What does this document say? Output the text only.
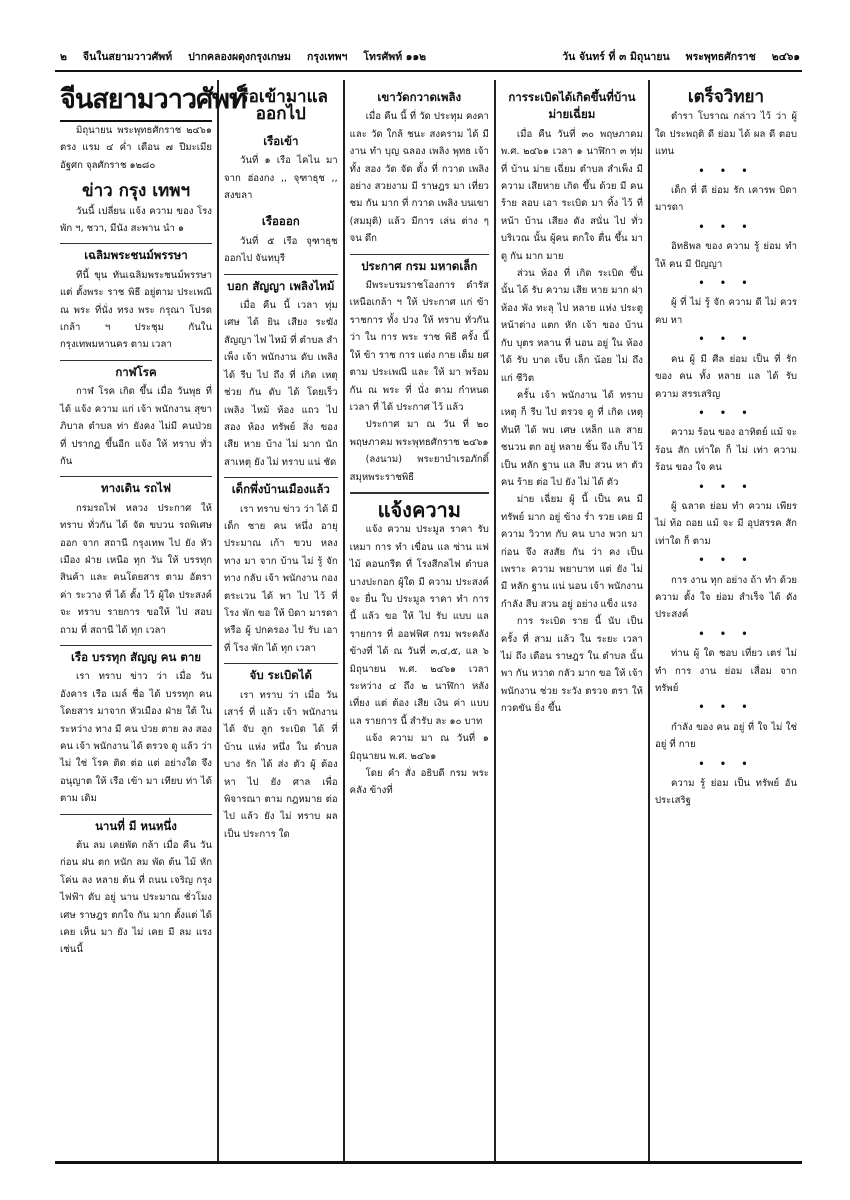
๒ จีนในสยามวาวศัพท์ ปากคลองผดุงกรุงเกษม กรุงเทพฯ โทรศัพท์ ๑๑๒	วัน จันทร์ ที่ ๓ มิถุนายน พระพุทธศักราช ๒๔๖๑
จีนสยามวาวศัพท์
มิถุนายน พระพุทธศักราช ๒๔๖๑ ตรง แรม ๔ ค่ำ เดือน ๗ ปีมะเมีย อัฐศก จุลศักราช ๑๒๘๐
ข่าว กรุง เทพฯ
วันนี้ เปลี่ยน แจ้ง ความ ของ โรงพัก ฯ, ชวา, มีนัง สะพาน นำ ๑
เฉลิมพระชนม์พรรษา
ทีนี้ ขุน ทันเฉลิมพระชนม์พรรษา แต่ ตั้งพระ ราช พิธี อยู่ตาม ประเพณี ณ พระ ที่นั่ง ทรง พระ กรุณา โปรด เกล้า ฯ ประชุม กันใน กรุงเทพมหานคร ตาม เวลา
กาฬโรค
กาฬ โรค เกิด ขึ้น เมื่อ วันพุธ ที่ ได้ แจ้ง ความ แก่ เจ้า พนักงาน สุขา ภิบาล ตำบล ท่า ยังคง ไม่มี คนป่วย ที่ ปรากฏ ขึ้นอีก แจ้ง ให้ ทราบ ทั่ว กัน
ทางเดิน รถไฟ
กรมรถไฟ หลวง ประกาศ ให้ทราบ ทั่วกัน ได้ จัด ขบวน รถพิเศษ ออก จาก สถานี กรุงเทพ ไป ยัง หัวเมือง ฝ่าย เหนือ ทุก วัน ให้ บรรทุก สินค้า และ คนโดยสาร ตาม อัตรา ค่า ระวาง ที่ ได้ ตั้ง ไว้ ผู้ใด ประสงค์ จะ ทราบ รายการ ขอให้ ไป สอบ ถาม ที่ สถานี ได้ ทุก เวลา
เรือ บรรทุก สัญญ คน ตาย
เรา ทราบ ข่าว ว่า เมื่อ วัน อังคาร เรือ เมล์ ชื่อ ได้ บรรทุก คน โดยสาร มาจาก หัวเมือง ฝ่าย ใต้ ใน ระหว่าง ทาง มี คน ป่วย ตาย ลง สอง คน เจ้า พนักงาน ได้ ตรวจ ดู แล้ว ว่า ไม่ ใช่ โรค ติด ต่อ แต่ อย่างใด จึง อนุญาต ให้ เรือ เข้า มา เทียบ ท่า ได้ ตาม เดิม
นานที่ มี หนหนึ่ง
ต้น ลม เคยพัด กล้า เมื่อ คืน วัน ก่อน ฝน ตก หนัก ลม พัด ต้น ไม้ หัก โค่น ลง หลาย ต้น ที่ ถนน เจริญ กรุง ไฟฟ้า ดับ อยู่ นาน ประมาณ ชั่วโมง เศษ ราษฎร ตกใจ กัน มาก ตั้งแต่ ได้ เคย เห็น มา ยัง ไม่ เคย มี ลม แรง เช่นนี้
เรือเข้ามาแลออกไป
เรือเข้า
วันที่ ๑ เรือ ไคไน มาจาก ฮ่องกง ,, จุฑาธุช ,, สงขลา
เรือออก
วันที่ ๕ เรือ จุฑาธุช ออกไป จันทบุรี
บอก สัญญา เพลิงไหม้
เมื่อ คืน นี้ เวลา ทุ่ม เศษ ได้ ยิน เสียง ระฆัง สัญญา ไฟ ไหม้ ที่ ตำบล สำเพ็ง เจ้า พนักงาน ดับ เพลิง ได้ รีบ ไป ถึง ที่ เกิด เหตุ ช่วย กัน ดับ ได้ โดยเร็ว เพลิง ไหม้ ห้อง แถว ไป สอง ห้อง ทรัพย์ สิ่ง ของ เสีย หาย บ้าง ไม่ มาก นัก สาเหตุ ยัง ไม่ ทราบ แน่ ชัด
เด็กพึ่งบ้านเมืองแล้ว
เรา ทราบ ข่าว ว่า ได้ มี เด็ก ชาย คน หนึ่ง อายุ ประมาณ เก้า ขวบ หลง ทาง มา จาก บ้าน ไม่ รู้ จัก ทาง กลับ เจ้า พนักงาน กองตระเวน ได้ พา ไป ไว้ ที่ โรง พัก ขอ ให้ บิดา มารดา หรือ ผู้ ปกครอง ไป รับ เอา ที่ โรง พัก ได้ ทุก เวลา
จับ ระเบิดได้
เรา ทราบ ว่า เมื่อ วัน เสาร์ ที่ แล้ว เจ้า พนักงาน ได้ จับ ลูก ระเบิด ได้ ที่ บ้าน แห่ง หนึ่ง ใน ตำบล บาง รัก ได้ ส่ง ตัว ผู้ ต้อง หา ไป ยัง ศาล เพื่อ พิจารณา ตาม กฎหมาย ต่อ ไป แล้ว ยัง ไม่ ทราบ ผล เป็น ประการ ใด
เขาวัดกวาดเพลิง
เมื่อ คืน นี้ ที่ วัด ประทุม คงคา และ วัด ใกล้ ชนะ สงคราม ได้ มีงาน ทำ บุญ ฉลอง เพลิง พุทธ เจ้า ทั้ง สอง วัด จัด ตั้ง ที่ กวาด เพลิง อย่าง สวยงาม มี ราษฎร มา เที่ยว ชม กัน มาก ที่ กวาด เพลิง บนเขา (สมมุติ) แล้ว มีการ เล่น ต่าง ๆ จน ดึก
ประกาศ กรม มหาดเล็ก
มีพระบรมราชโองการ ดำรัสเหนือเกล้า ฯ ให้ ประกาศ แก่ ข้า ราชการ ทั้ง ปวง ให้ ทราบ ทั่วกัน ว่า ใน การ พระ ราช พิธี ครั้ง นี้ ให้ ข้า ราช การ แต่ง กาย เต็ม ยศ ตาม ประเพณี และ ให้ มา พร้อม กัน ณ พระ ที่ นั่ง ตาม กำหนด เวลา ที่ ได้ ประกาศ ไว้ แล้ว
ประกาศ มา ณ วัน ที่ ๒๐ พฤษภาคม พระพุทธศักราช ๒๔๖๑
(ลงนาม) พระยาบำเรอภักดิ์ สมุหพระราชพิธี
แจ้งความ
แจ้ง ความ ประมูล ราคา รับเหมา การ ทำ เขื่อน แล ซ่าน แฟ ไม้ คอนกรีต ที่ โรงสีกลไฟ ตำบล บางปะกอก ผู้ใด มี ความ ประสงค์ จะ ยื่น ใบ ประมูล ราคา ทำ การ นี้ แล้ว ขอ ให้ ไป รับ แบบ แล รายการ ที่ ออฟฟิศ กรม พระคลังข้างที่ ได้ ณ วันที่ ๓,๔,๕, แล ๖ มิถุนายน พ.ศ. ๒๔๖๑ เวลา ระหว่าง ๔ ถึง ๒ นาฬิกา หลัง เที่ยง แต่ ต้อง เสีย เงิน ค่า แบบ แล รายการ นี้ สำรับ ละ ๑๐ บาท
แจ้ง ความ มา ณ วันที่ ๑ มิถุนายน พ.ศ. ๒๔๖๑
โดย คำ สั่ง อธิบดี กรม พระคลัง ข้างที่
การระเบิดได้เกิดขึ้นที่บ้านม่ายเฉี่ยม
เมื่อ คืน วันที่ ๓๐ พฤษภาคม พ.ศ. ๒๔๖๑ เวลา ๑ นาฬิกา ๓ ทุ่ม ที่ บ้าน ม่าย เฉี่ยม ตำบล สำเพ็ง มี ความ เสียหาย เกิด ขึ้น ด้วย มี คน ร้าย ลอบ เอา ระเบิด มา ทิ้ง ไว้ ที่ หน้า บ้าน เสียง ดัง สนั่น ไป ทั่ว บริเวณ นั้น ผู้คน ตกใจ ตื่น ขึ้น มา ดู กัน มาก มาย
ส่วน ห้อง ที่ เกิด ระเบิด ขึ้น นั้น ได้ รับ ความ เสีย หาย มาก ฝา ห้อง พัง ทะลุ ไป หลาย แห่ง ประตู หน้าต่าง แตก หัก เจ้า ของ บ้าน กับ บุตร หลาน ที่ นอน อยู่ ใน ห้อง ได้ รับ บาด เจ็บ เล็ก น้อย ไม่ ถึง แก่ ชีวิต
ครั้น เจ้า พนักงาน ได้ ทราบ เหตุ ก็ รีบ ไป ตรวจ ดู ที่ เกิด เหตุ ทันที ได้ พบ เศษ เหล็ก แล สาย ชนวน ตก อยู่ หลาย ชิ้น จึง เก็บ ไว้ เป็น หลัก ฐาน แล สืบ สวน หา ตัว คน ร้าย ต่อ ไป ยัง ไม่ ได้ ตัว
ม่าย เฉี่ยม ผู้ นี้ เป็น คน มี ทรัพย์ มาก อยู่ ข้าง ร่ำ รวย เคย มี ความ วิวาท กับ คน บาง พวก มา ก่อน จึง สงสัย กัน ว่า คง เป็น เพราะ ความ พยาบาท แต่ ยัง ไม่ มี หลัก ฐาน แน่ นอน เจ้า พนักงาน กำลัง สืบ สวน อยู่ อย่าง แข็ง แรง
การ ระเบิด ราย นี้ นับ เป็น ครั้ง ที่ สาม แล้ว ใน ระยะ เวลา ไม่ ถึง เดือน ราษฎร ใน ตำบล นั้น พา กัน หวาด กลัว มาก ขอ ให้ เจ้า พนักงาน ช่วย ระวัง ตรวจ ตรา ให้ กวดขัน ยิ่ง ขึ้น
เตร็จวิทยา
ตำรา โบราณ กล่าว ไว้ ว่า ผู้ ใด ประพฤติ ดี ย่อม ได้ ผล ดี ตอบ แทน
• • •
เด็ก ที่ ดี ย่อม รัก เคารพ บิดา มารดา
• • •
อิทธิพล ของ ความ รู้ ย่อม ทำ ให้ คน มี ปัญญา
• • •
ผู้ ที่ ไม่ รู้ จัก ความ ดี ไม่ ควร คบ หา
• • •
คน ผู้ มี ศีล ย่อม เป็น ที่ รัก ของ คน ทั้ง หลาย แล ได้ รับ ความ สรรเสริญ
• • •
ความ ร้อน ของ อาทิตย์ แม้ จะ ร้อน สัก เท่าใด ก็ ไม่ เท่า ความ ร้อน ของ ใจ คน
• • •
ผู้ ฉลาด ย่อม ทำ ความ เพียร ไม่ ท้อ ถอย แม้ จะ มี อุปสรรค สัก เท่าใด ก็ ตาม
• • •
การ งาน ทุก อย่าง ถ้า ทำ ด้วย ความ ตั้ง ใจ ย่อม สำเร็จ ได้ ดัง ประสงค์
• • •
ท่าน ผู้ ใด ชอบ เที่ยว เตร่ ไม่ ทำ การ งาน ย่อม เสื่อม จาก ทรัพย์
• • •
กำลัง ของ คน อยู่ ที่ ใจ ไม่ ใช่ อยู่ ที่ กาย
• • •
ความ รู้ ย่อม เป็น ทรัพย์ อัน ประเสริฐ
